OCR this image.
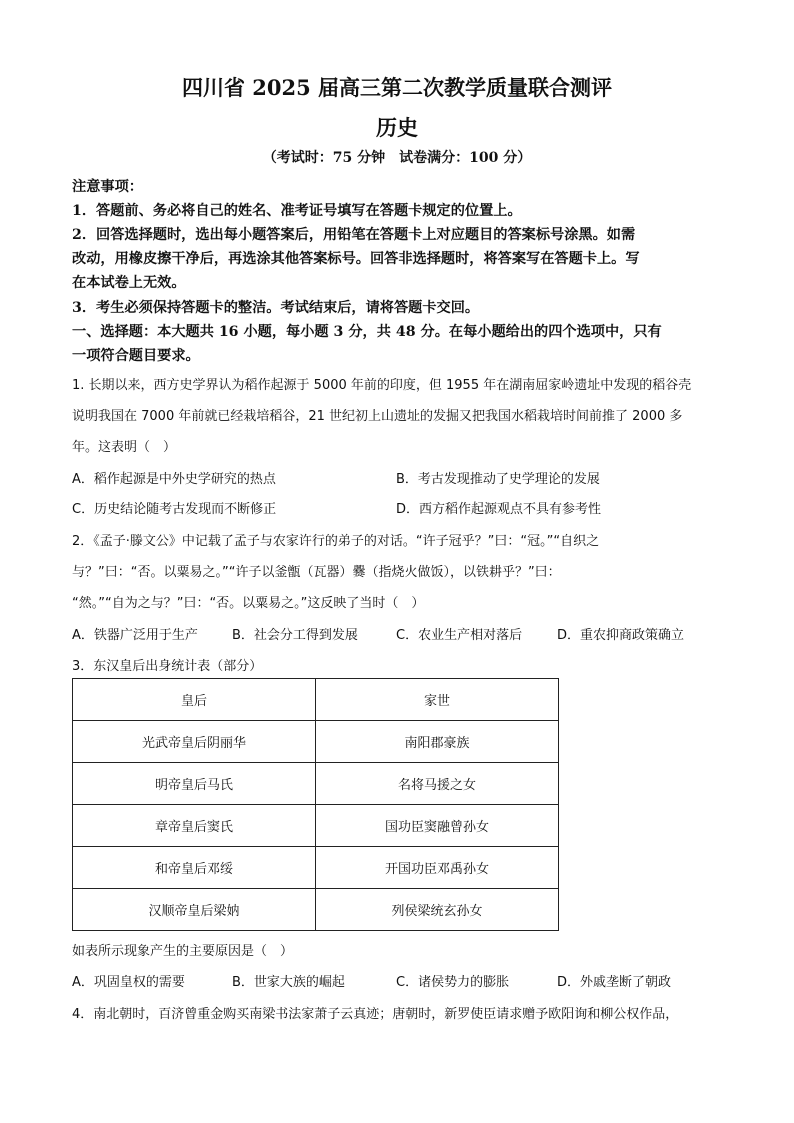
四川省 2025 届高三第二次教学质量联合测评
历史
（考试时：75 分钟　试卷满分：100 分）
注意事项：
1．答题前、务必将自己的姓名、准考证号填写在答题卡规定的位置上。
2．回答选择题时，选出每小题答案后，用铅笔在答题卡上对应题目的答案标号涂黑。如需
改动，用橡皮擦干净后，再选涂其他答案标号。回答非选择题时，将答案写在答题卡上。写
在本试卷上无效。
3．考生必须保持答题卡的整洁。考试结束后，请将答题卡交回。
一、选择题：本大题共 16 小题，每小题 3 分，共 48 分。在每小题给出的四个选项中，只有
一项符合题目要求。
1. 长期以来，西方史学界认为稻作起源于 5000 年前的印度，但 1955 年在湖南屈家岭遗址中发现的稻谷壳
说明我国在 7000 年前就已经栽培稻谷，21 世纪初上山遗址的发掘又把我国水稻栽培时间前推了 2000 多
年。这表明（　）
A．稻作起源是中外史学研究的热点	B．考古发现推动了史学理论的发展
C．历史结论随考古发现而不断修正	D．西方稻作起源观点不具有参考性
2．《孟子·滕文公》中记载了孟子与农家许行的弟子的对话。“许子冠乎？”曰：“冠。”“自织之
与？”曰：“否。以粟易之。”“许子以釜甑（瓦器）爨（指烧火做饭），以铁耕乎？”曰：
“然。”“自为之与？”曰：“否。以粟易之。”这反映了当时（　）
A．铁器广泛用于生产	B．社会分工得到发展	C．农业生产相对落后	D．重农抑商政策确立
3．东汉皇后出身统计表（部分）
皇后	家世
光武帝皇后阴丽华	南阳郡豪族
明帝皇后马氏	名将马援之女
章帝皇后窦氏	国功臣窦融曾孙女
和帝皇后邓绥	开国功臣邓禹孙女
汉顺帝皇后梁妠	列侯梁统玄孙女
如表所示现象产生的主要原因是（　）
A．巩固皇权的需要	B．世家大族的崛起	C．诸侯势力的膨胀	D．外戚垄断了朝政
4．南北朝时，百济曾重金购买南梁书法家萧子云真迹；唐朝时，新罗使臣请求赠予欧阳询和柳公权作品，
